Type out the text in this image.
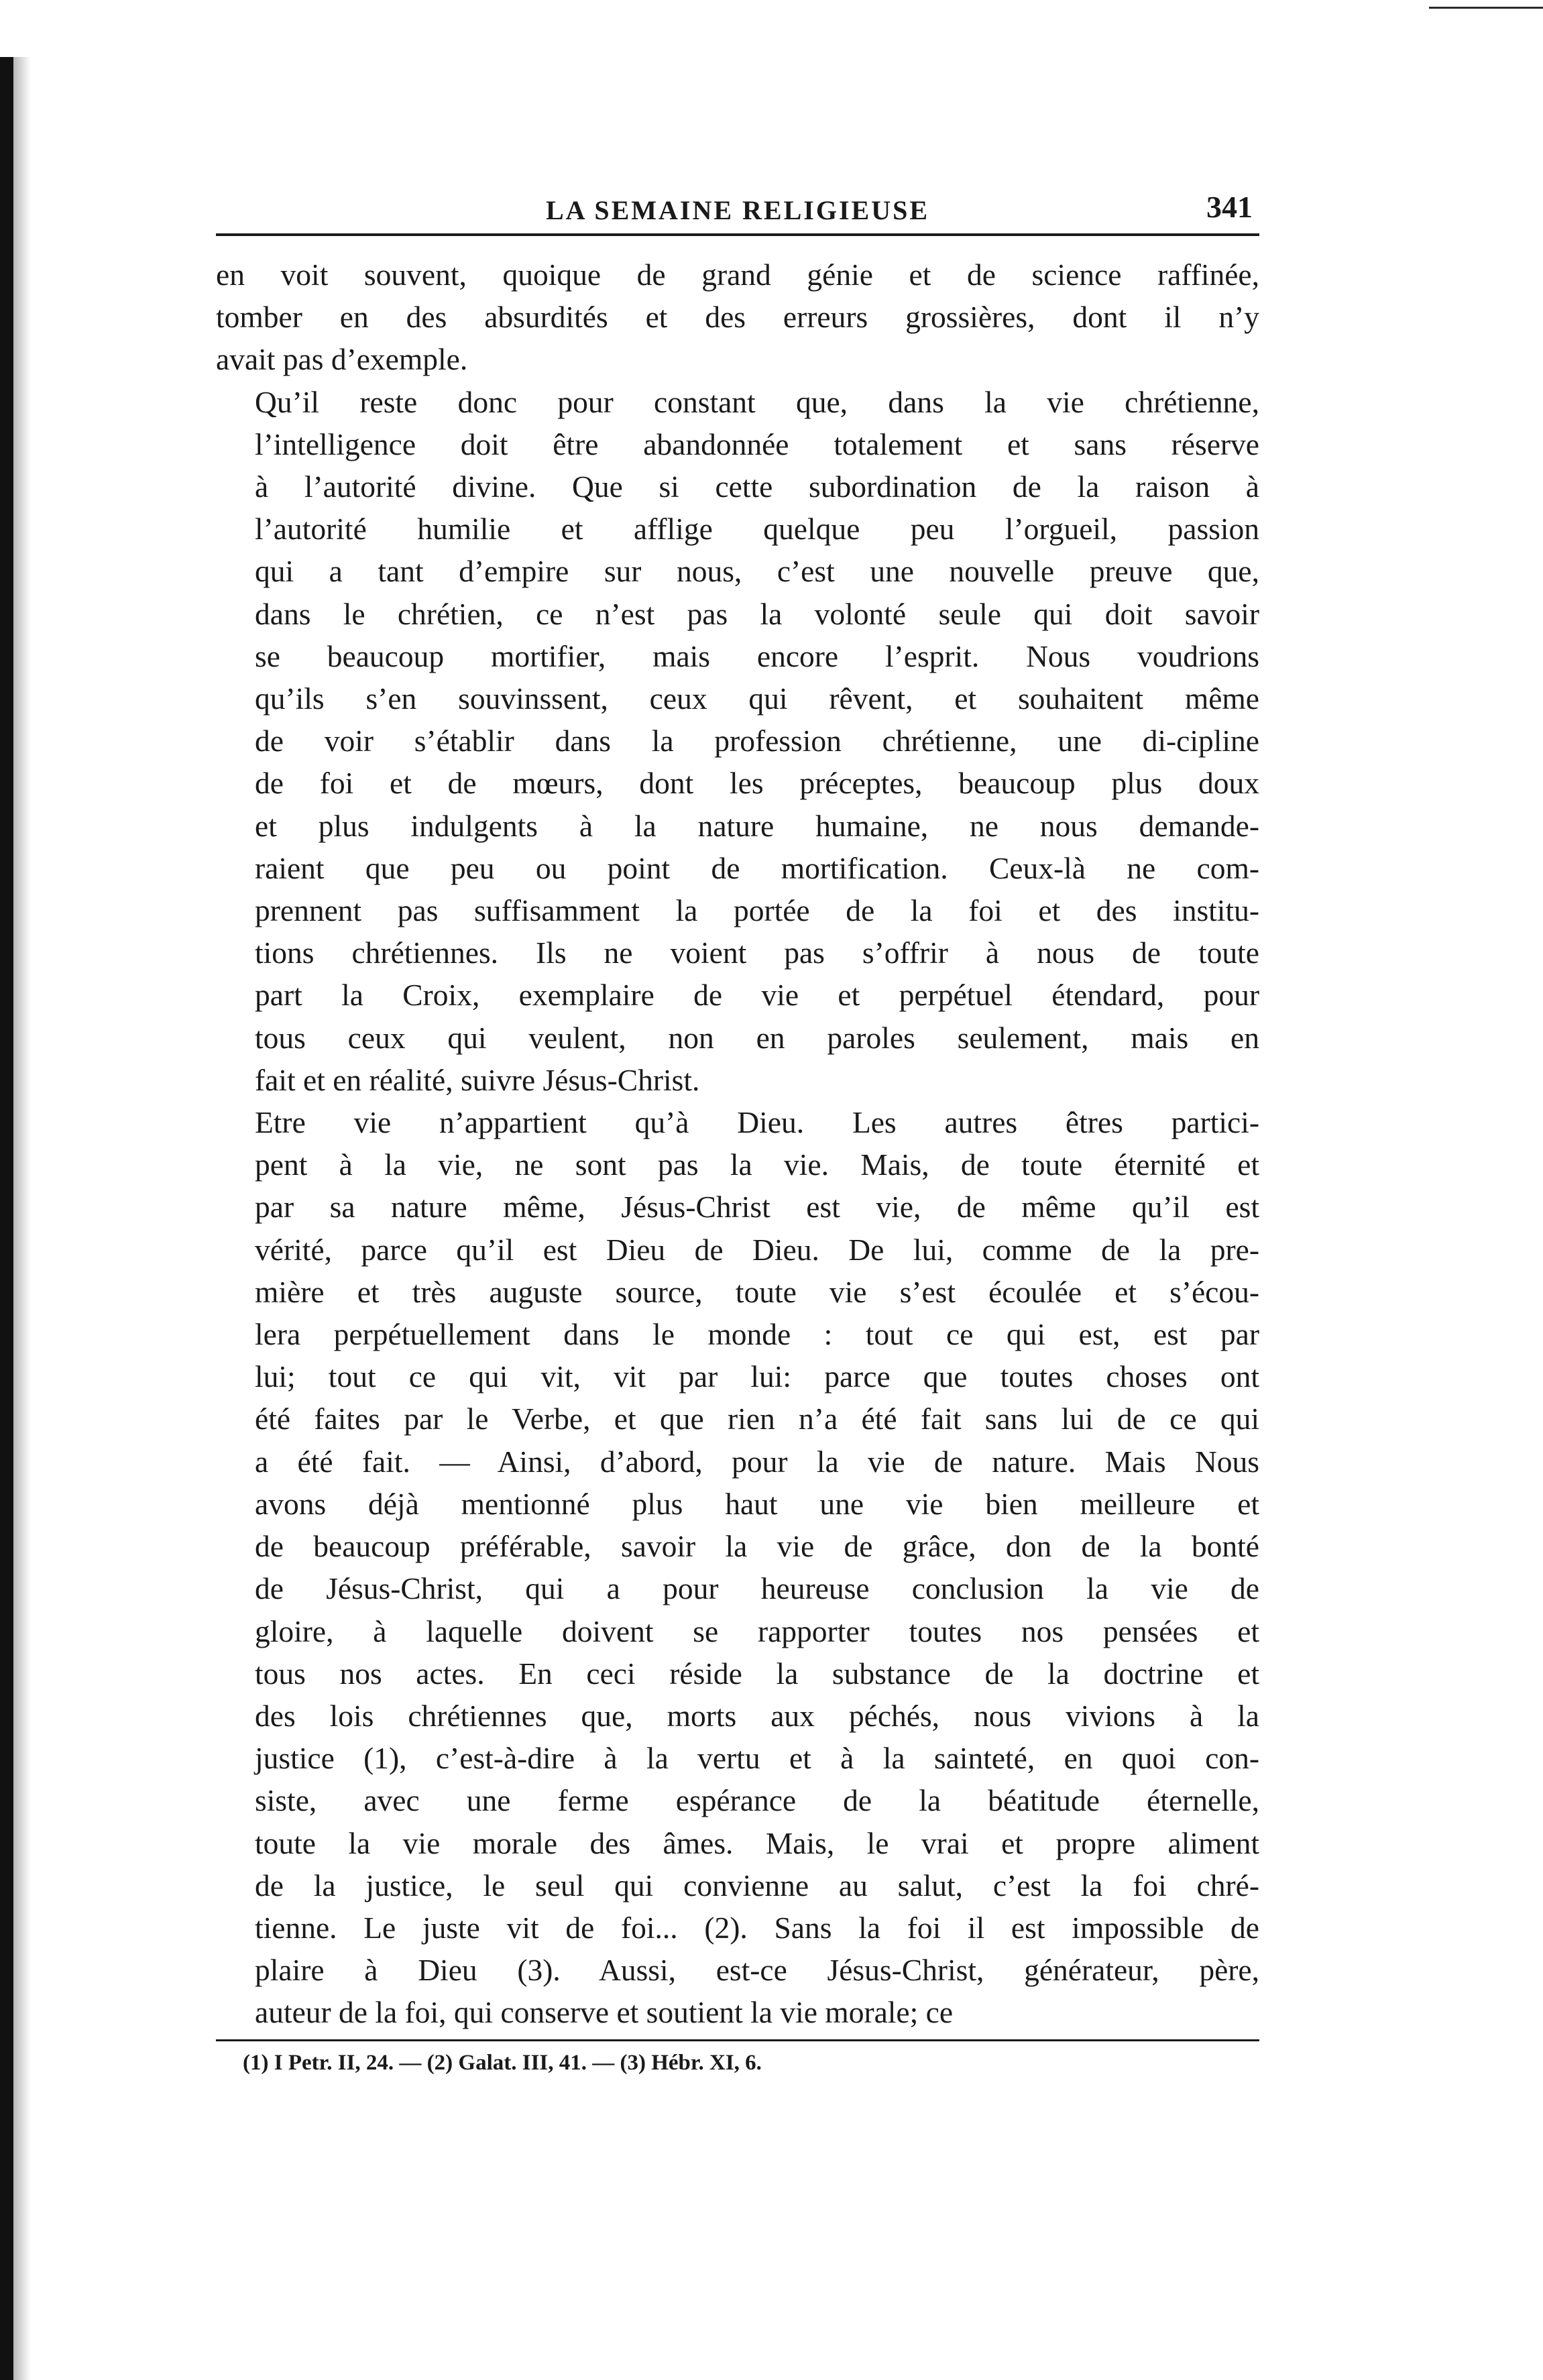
LA SEMAINE RELIGIEUSE	341

en voit souvent, quoique de grand génie et de science raffinée,
tomber en des absurdités et des erreurs grossières, dont il n’y
avait pas d’exemple.

Qu’il reste donc pour constant que, dans la vie chrétienne,
l’intelligence doit être abandonnée totalement et sans réserve
à l’autorité divine. Que si cette subordination de la raison à
l’autorité humilie et afflige quelque peu l’orgueil, passion
qui a tant d’empire sur nous, c’est une nouvelle preuve que,
dans le chrétien, ce n’est pas la volonté seule qui doit savoir
se beaucoup mortifier, mais encore l’esprit. Nous voudrions
qu’ils s’en souvinssent, ceux qui rêvent, et souhaitent même
de voir s’établir dans la profession chrétienne, une di-cipline
de foi et de mœurs, dont les préceptes, beaucoup plus doux
et plus indulgents à la nature humaine, ne nous demande-
raient que peu ou point de mortification. Ceux-là ne com-
prennent pas suffisamment la portée de la foi et des institu-
tions chrétiennes. Ils ne voient pas s’offrir à nous de toute
part la Croix, exemplaire de vie et perpétuel étendard, pour
tous ceux qui veulent, non en paroles seulement, mais en
fait et en réalité, suivre Jésus-Christ.

Etre vie n’appartient qu’à Dieu. Les autres êtres partici-
pent à la vie, ne sont pas la vie. Mais, de toute éternité et
par sa nature même, Jésus-Christ est vie, de même qu’il est
vérité, parce qu’il est Dieu de Dieu. De lui, comme de la pre-
mière et très auguste source, toute vie s’est écoulée et s’écou-
lera perpétuellement dans le monde : tout ce qui est, est par
lui; tout ce qui vit, vit par lui: parce que toutes choses ont
été faites par le Verbe, et que rien n’a été fait sans lui de ce qui
a été fait. — Ainsi, d’abord, pour la vie de nature. Mais Nous
avons déjà mentionné plus haut une vie bien meilleure et
de beaucoup préférable, savoir la vie de grâce, don de la bonté
de Jésus-Christ, qui a pour heureuse conclusion la vie de
gloire, à laquelle doivent se rapporter toutes nos pensées et
tous nos actes. En ceci réside la substance de la doctrine et
des lois chrétiennes que, morts aux péchés, nous vivions à la
justice (1), c’est-à-dire à la vertu et à la sainteté, en quoi con-
siste, avec une ferme espérance de la béatitude éternelle,
toute la vie morale des âmes. Mais, le vrai et propre aliment
de la justice, le seul qui convienne au salut, c’est la foi chré-
tienne. Le juste vit de foi... (2). Sans la foi il est impossible de
plaire à Dieu (3). Aussi, est-ce Jésus-Christ, générateur, père,
auteur de la foi, qui conserve et soutient la vie morale; ce

(1) I Petr. II, 24. — (2) Galat. III, 41. — (3) Hébr. XI, 6.
